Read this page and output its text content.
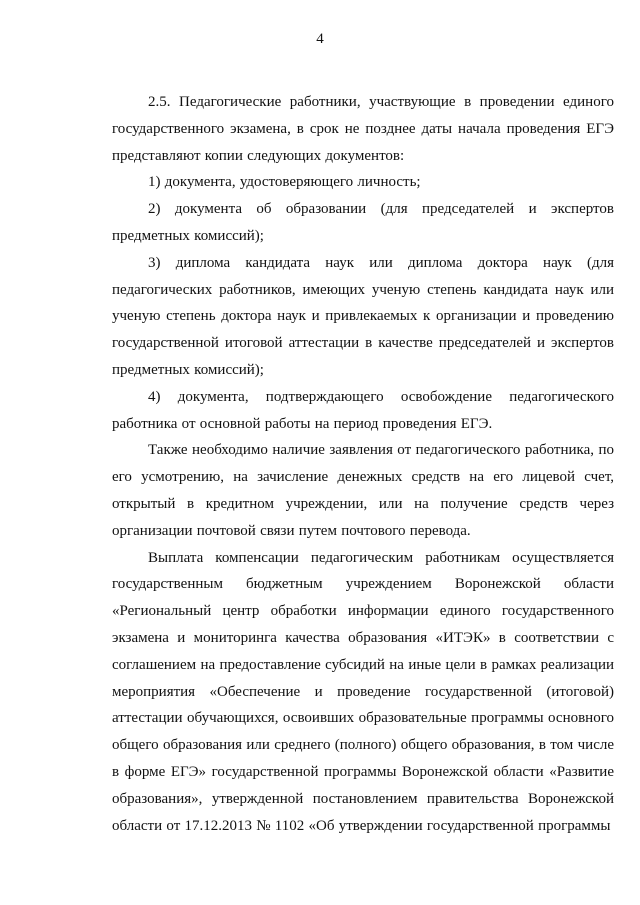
4

2.5. Педагогические работники, участвующие в проведении единого государственного экзамена, в срок не позднее даты начала проведения ЕГЭ представляют копии следующих документов:

1) документа, удостоверяющего личность;

2) документа об образовании (для председателей и экспертов предметных комиссий);

3) диплома кандидата наук или диплома доктора наук (для педагогических работников, имеющих ученую степень кандидата наук или ученую степень доктора наук и привлекаемых к организации и проведению государственной итоговой аттестации в качестве председателей и экспертов предметных комиссий);

4) документа, подтверждающего освобождение педагогического работника от основной работы на период проведения ЕГЭ.

Также необходимо наличие заявления от педагогического работника, по его усмотрению, на зачисление денежных средств на его лицевой счет, открытый в кредитном учреждении, или на получение средств через организации почтовой связи путем почтового перевода.

Выплата компенсации педагогическим работникам осуществляется государственным бюджетным учреждением Воронежской области «Региональный центр обработки информации единого государственного экзамена и мониторинга качества образования «ИТЭК» в соответствии с соглашением на предоставление субсидий на иные цели в рамках реализации мероприятия «Обеспечение и проведение государственной (итоговой) аттестации обучающихся, освоивших образовательные программы основного общего образования или среднего (полного) общего образования, в том числе в форме ЕГЭ» государственной программы Воронежской области «Развитие образования», утвержденной постановлением правительства Воронежской области от 17.12.2013 № 1102 «Об утверждении государственной программы
